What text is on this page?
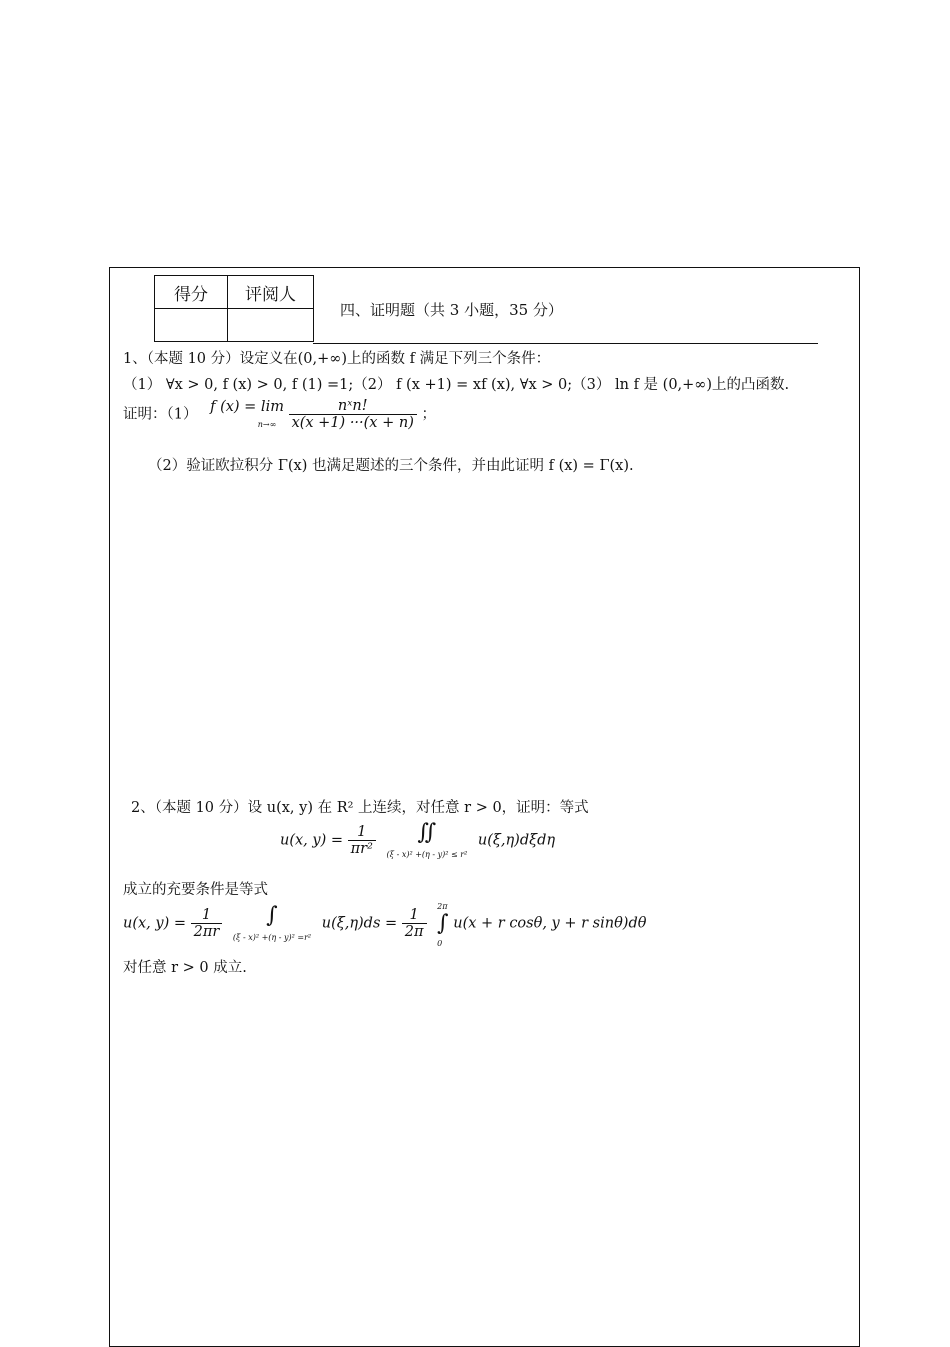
得分	评阅人

四、证明题（共 3 小题，35 分）
1、（本题 10 分）设定义在(0,+∞)上的函数 f 满足下列三个条件：
（1） ∀x > 0, f (x) > 0, f (1) =1;（2） f (x +1) = xf (x), ∀x > 0;（3） ln f 是 (0,+∞)上的凸函数.
证明：（1） f (x) = lim
$n\to\infty \frac{\text{nˣn!}}{x(x +1) \cdot\cdot\cdot(x + n)}$ ；
（2）验证欧拉积分 Γ(x) 也满足题述的三个条件，并由此证明 f (x) = Γ(x).
2、（本题 10 分）设 u(x, y) 在 R² 上连续，对任意 r > 0，证明：等式
u(x, $y) = \frac{1}{\text{πr²}}$ ∬
(ξ - x)² +(η - y)² ≤ r² u(ξ,η)dξdη
成立的充要条件是等式
u(x, $y) = \frac{1}{2\pi r}$ ∫
(ξ - x)² +(η - y)² =r² $u(\xi,\eta)ds = \frac{1}{2\pi}$
2π
∫
0 u(x + r cosθ, y + r sinθ)dθ
对任意 r > 0 成立.
